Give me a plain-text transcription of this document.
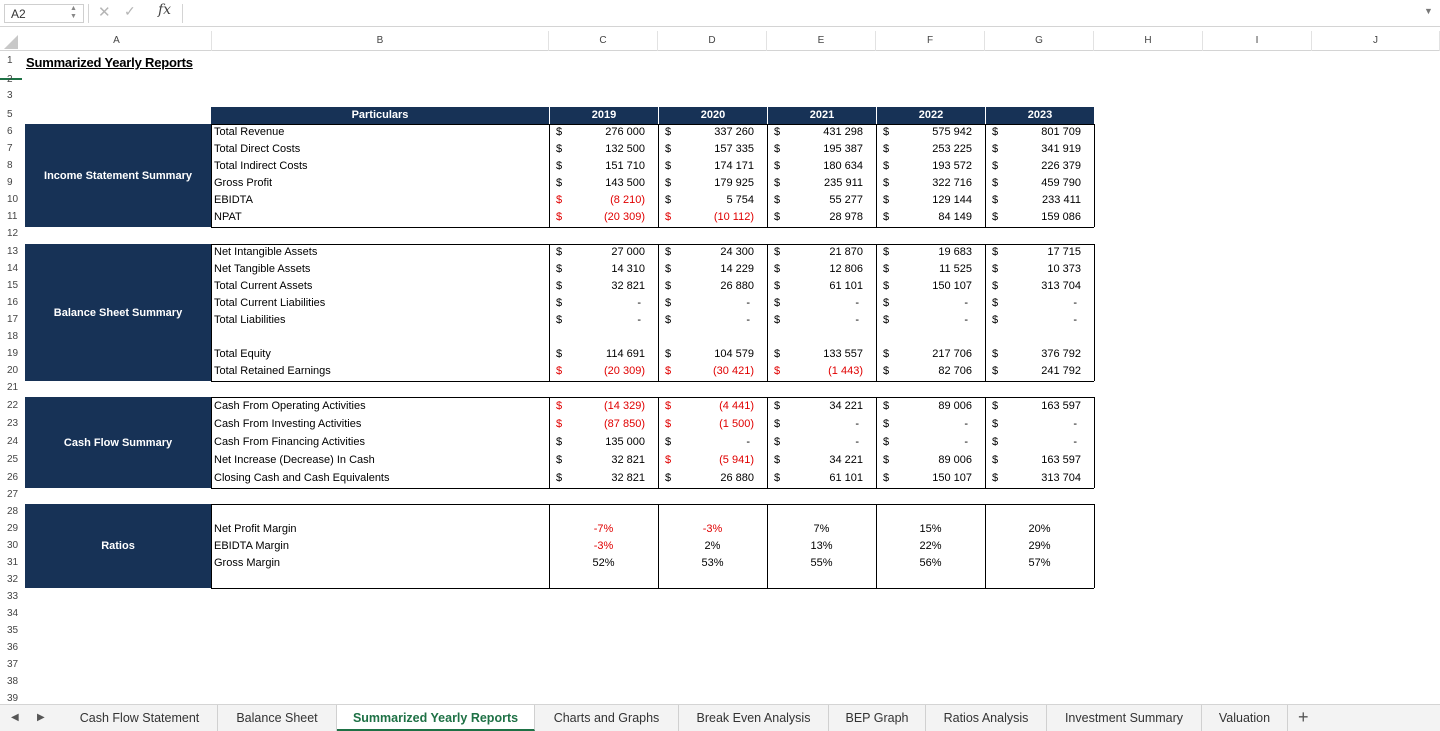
A2	▲
▼ ✕ ✓ fx	▼
A	B	C	D	E	F	G	H	I	J
Summarized Yearly Reports
◀ ▶	Cash Flow Statement	Balance Sheet	Summarized Yearly Reports	Charts and Graphs	Break Even Analysis	BEP Graph	Ratios Analysis	Investment Summary	Valuation	+
1
2
3
5
6
7
8
9
10
11
12
13
14
15
16
17
18
19
20
21
22
23
24
25
26
27
28
29
30
31
32
33
34
35
36
37
38
39
Particulars	2019	2020	2021	2022	2023
Income Statement Summary
Total Revenue	$	276 000 $	337 260 $	431 298 $	575 942 $	801 709
Total Direct Costs	$	132 500 $	157 335 $	195 387 $	253 225 $	341 919
Total Indirect Costs	$	151 710 $	174 171 $	180 634 $	193 572 $	226 379
Gross Profit	$	143 500 $	179 925 $	235 911 $	322 716 $	459 790
EBIDTA	$	(8 210) $	5 754 $	55 277 $	129 144 $	233 411
NPAT	$	(20 309) $	(10 112) $	28 978 $	84 149 $	159 086
Balance Sheet Summary
Net Intangible Assets	$	27 000 $	24 300 $	21 870 $	19 683 $	17 715
Net Tangible Assets	$	14 310 $	14 229 $	12 806 $	11 525 $	10 373
Total Current Assets	$	32 821 $	26 880 $	61 101 $	150 107 $	313 704
Total Current Liabilities	$	- $	- $	- $	- $	-
Total Liabilities	$	- $	- $	- $	- $	-
Total Equity	$	114 691 $	104 579 $	133 557 $	217 706 $	376 792
Total Retained Earnings	$	(20 309) $	(30 421) $	(1 443) $	82 706 $	241 792
Cash Flow Summary
Cash From Operating Activities	$	(14 329) $	(4 441) $	34 221 $	89 006 $	163 597
Cash From Investing Activities	$	(87 850) $	(1 500) $	- $	- $	-
Cash From Financing Activities	$	135 000 $	- $	- $	- $	-
Net Increase (Decrease) In Cash	$	32 821 $	(5 941) $	34 221 $	89 006 $	163 597
Closing Cash and Cash Equivalents	$	32 821 $	26 880 $	61 101 $	150 107 $	313 704
Ratios
Net Profit Margin	-7%	-3%	7%	15%	20%
EBIDTA Margin	-3%	2%	13%	22%	29%
Gross Margin	52%	53%	55%	56%	57%
